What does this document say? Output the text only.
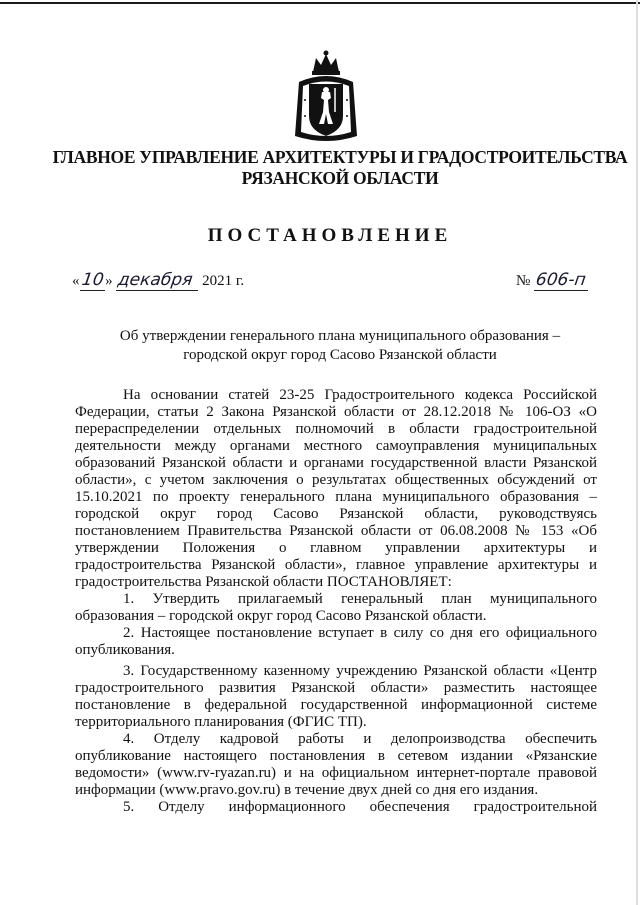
ГЛАВНОЕ УПРАВЛЕНИЕ АРХИТЕКТУРЫ И ГРАДОСТРОИТЕЛЬСТВА
РЯЗАНСКОЙ ОБЛАСТИ
ПОСТАНОВЛЕНИЕ
«10» декабря 2021 г.	№ 606-п
Об утверждении генерального плана муниципального образования –
городской округ город Сасово Рязанской области

На основании статей 23-25 Градостроительного кодекса Российской Федерации, статьи 2 Закона Рязанской области от 28.12.2018 № 106-ОЗ «О перераспределении отдельных полномочий в области градостроительной деятельности между органами местного самоуправления муниципальных образований Рязанской области и органами государственной власти Рязанской области», с учетом заключения о результатах общественных обсуждений от 15.10.2021 по проекту генерального плана муниципального образования – городской округ город Сасово Рязанской области, руководствуясь постановлением Правительства Рязанской области от 06.08.2008 № 153 «Об утверждении Положения о главном управлении архитектуры и градостроительства Рязанской области», главное управление архитектуры и градостроительства Рязанской области ПОСТАНОВЛЯЕТ:

1. Утвердить прилагаемый генеральный план муниципального образования – городской округ город Сасово Рязанской области.

2. Настоящее постановление вступает в силу со дня его официального опубликования.

3. Государственному казенному учреждению Рязанской области «Центр градостроительного развития Рязанской области» разместить настоящее постановление в федеральной государственной информационной системе территориального планирования (ФГИС ТП).

4. Отделу кадровой работы и делопроизводства обеспечить опубликование настоящего постановления в сетевом издании «Рязанские ведомости» (www.rv-ryazan.ru) и на официальном интернет-портале правовой информации (www.pravo.gov.ru) в течение двух дней со дня его издания.

5. Отделу информационного обеспечения градостроительной
